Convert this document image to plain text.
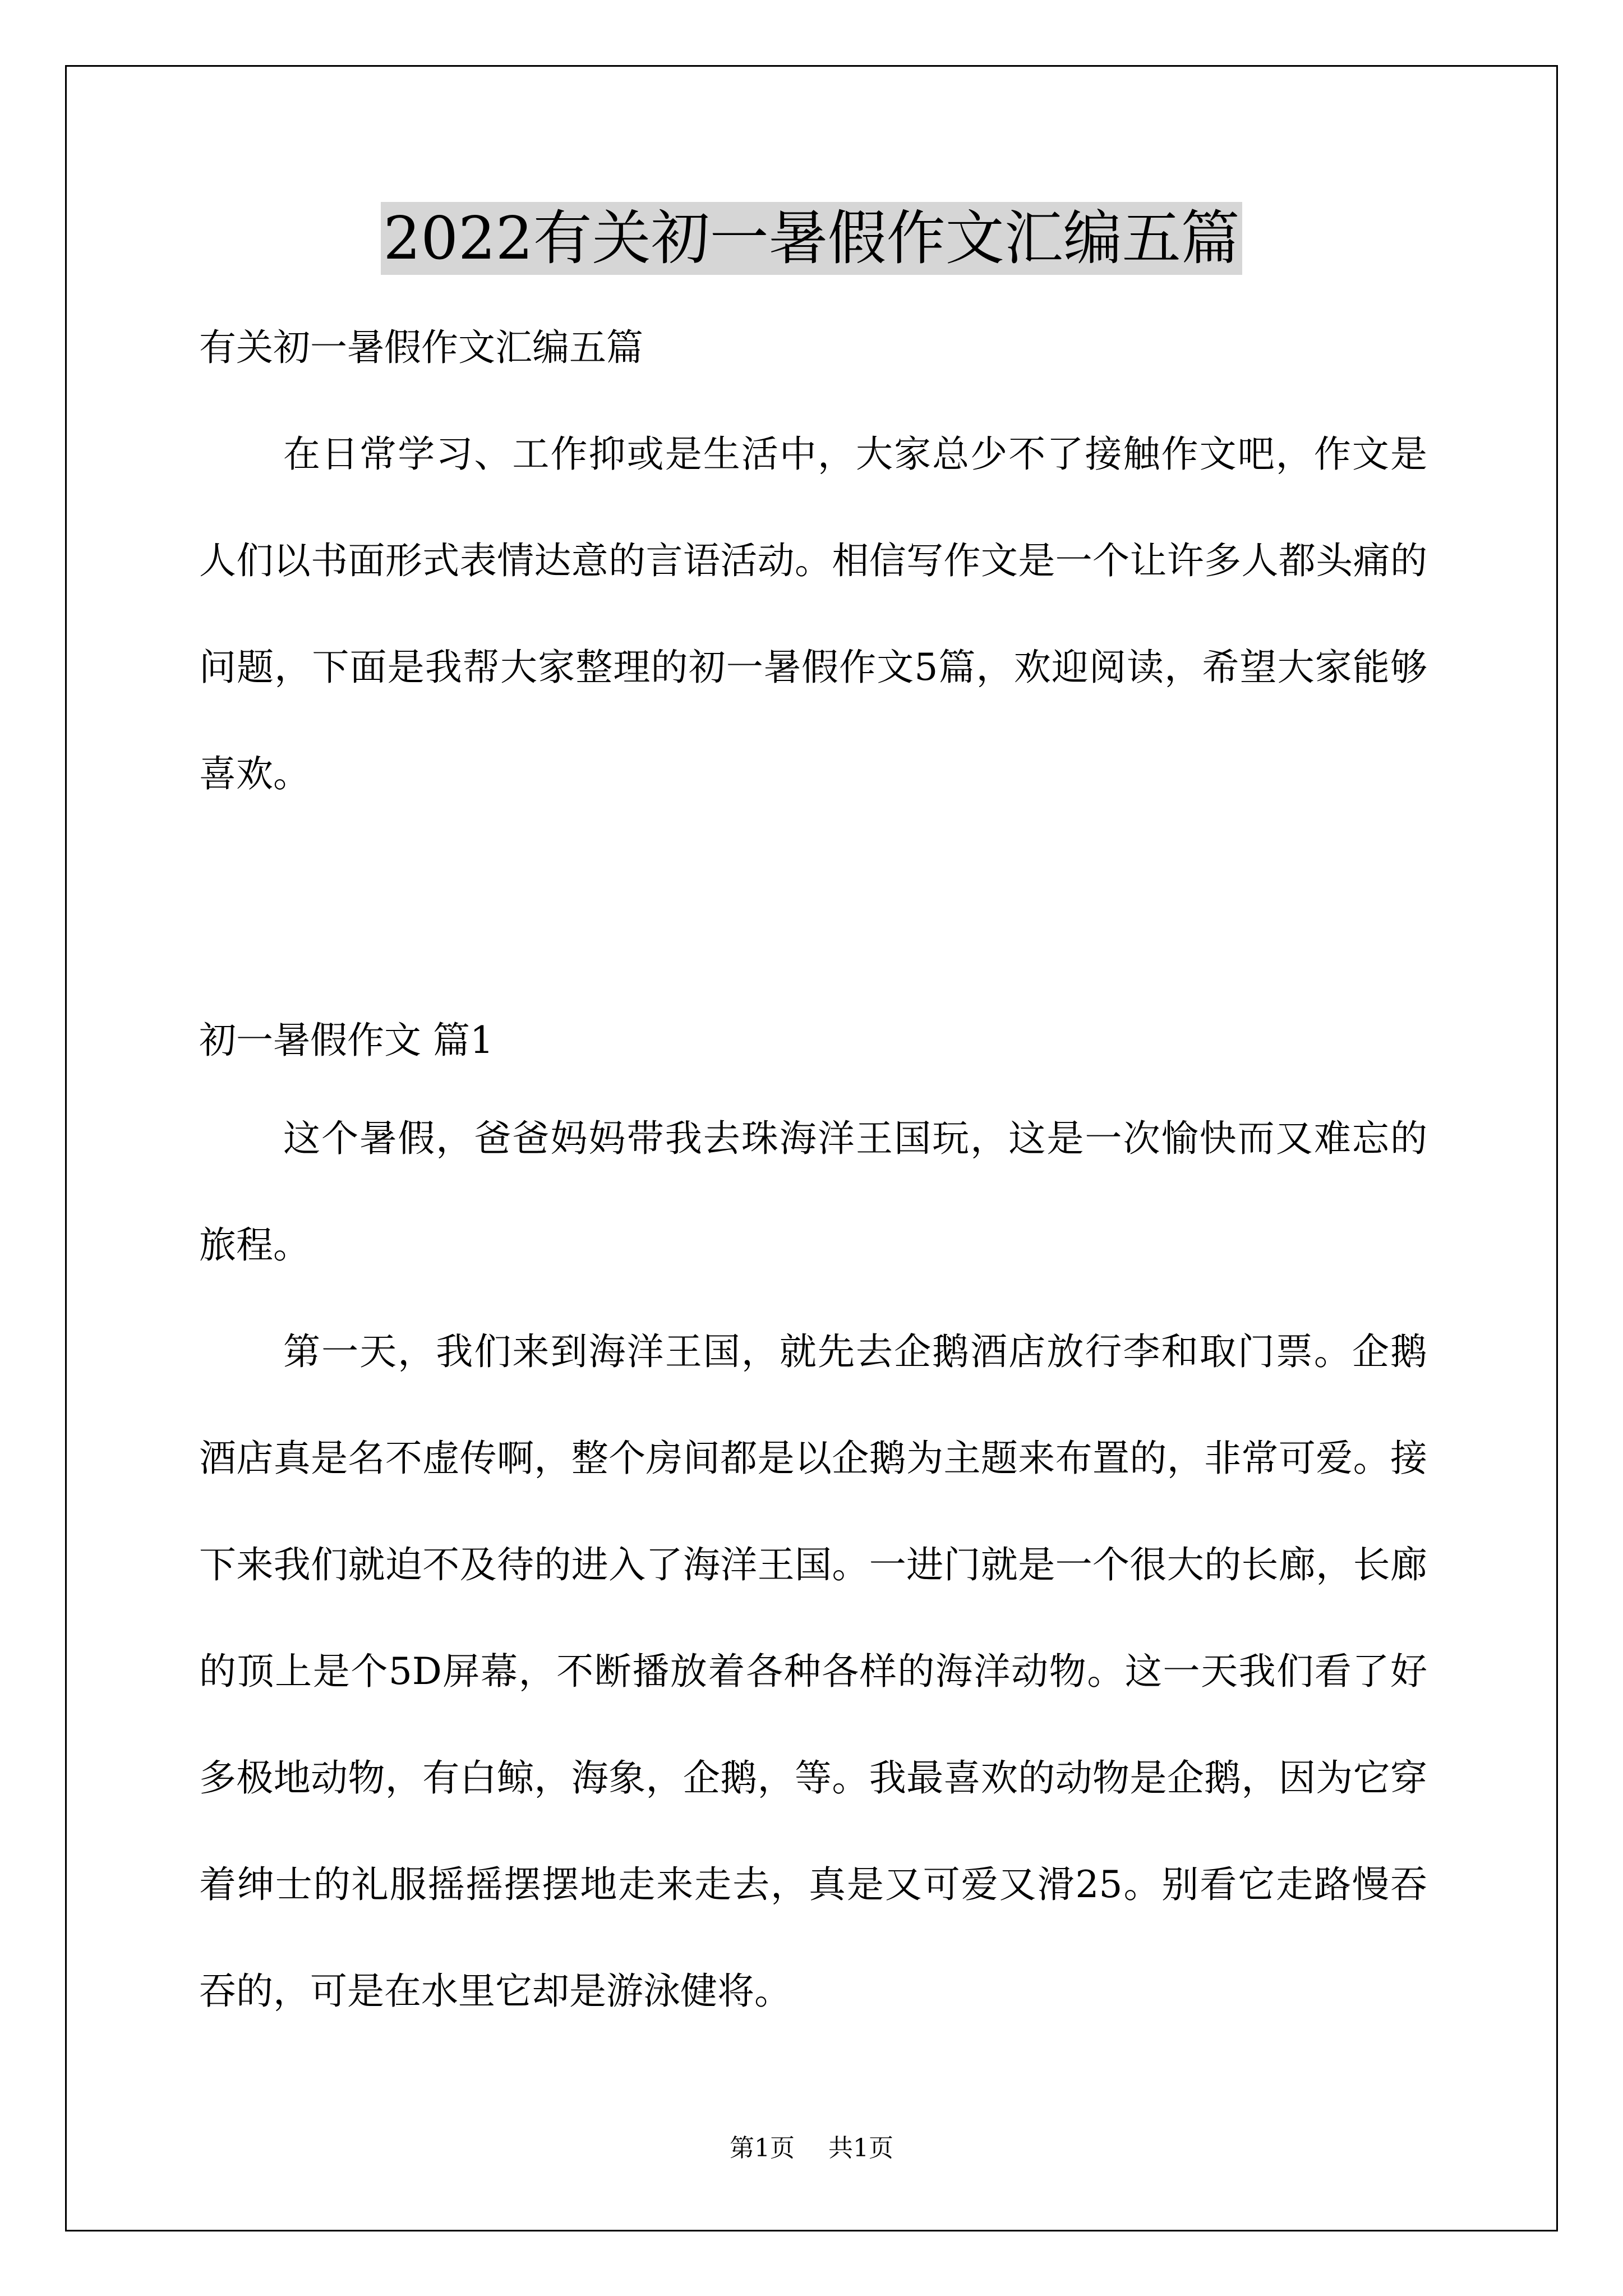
2022有关初一暑假作文汇编五篇

有关初一暑假作文汇编五篇

在日常学习、工作抑或是生活中，大家总少不了接触作文吧，作文是人们以书面形式表情达意的言语活动。相信写作文是一个让许多人都头痛的问题，下面是我帮大家整理的初一暑假作文5篇，欢迎阅读，希望大家能够喜欢。

初一暑假作文 篇1

这个暑假，爸爸妈妈带我去珠海洋王国玩，这是一次愉快而又难忘的旅程。

第一天，我们来到海洋王国，就先去企鹅酒店放行李和取门票。企鹅酒店真是名不虚传啊，整个房间都是以企鹅为主题来布置的，非常可爱。接下来我们就迫不及待的进入了海洋王国。一进门就是一个很大的长廊，长廊的顶上是个5D屏幕，不断播放着各种各样的海洋动物。这一天我们看了好多极地动物，有白鲸，海象，企鹅，等。我最喜欢的动物是企鹅，因为它穿着绅士的礼服摇摇摆摆地走来走去，真是又可爱又滑25。别看它走路慢吞吞的，可是在水里它却是游泳健将。

第1页 共1页
